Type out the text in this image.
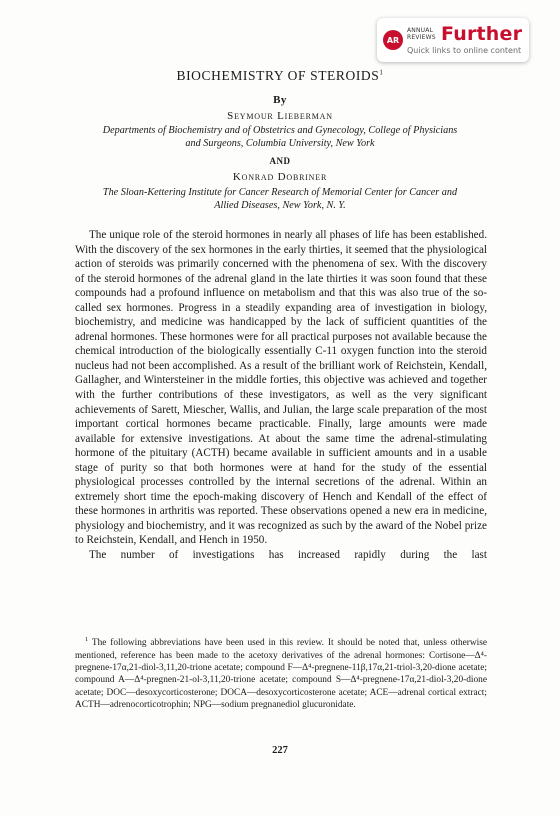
AR
ANNUAL REVIEWS Further
Quick links to online content
BIOCHEMISTRY OF STEROIDS$^1$
By
Seymour Lieberman
Departments of Biochemistry and of Obstetrics and Gynecology, College of Physicians and Surgeons, Columbia University, New York
AND
Konrad Dobriner
The Sloan-Kettering Institute for Cancer Research of Memorial Center for Cancer and Allied Diseases, New York, N. Y.

The unique role of the steroid hormones in nearly all phases of life has been established. With the discovery of the sex hormones in the early thirties, it seemed that the physiological action of steroids was primarily concerned with the phenomena of sex. With the discovery of the steroid hormones of the adrenal gland in the late thirties it was soon found that these compounds had a profound influence on metabolism and that this was also true of the so-called sex hormones. Progress in a steadily expanding area of investigation in biology, biochemistry, and medicine was handicapped by the lack of sufficient quantities of the adrenal hormones. These hormones were for all practical purposes not available because the chemical introduction of the biologically essentially C-11 oxygen function into the steroid nucleus had not been accomplished. As a result of the brilliant work of Reichstein, Kendall, Gallagher, and Wintersteiner in the middle forties, this objective was achieved and together with the further contributions of these investigators, as well as the very significant achievements of Sarett, Miescher, Wallis, and Julian, the large scale preparation of the most important cortical hormones became practicable. Finally, large amounts were made available for extensive investigations. At about the same time the adrenal-stimulating hormone of the pituitary (ACTH) became available in sufficient amounts and in a usable stage of purity so that both hormones were at hand for the study of the essential physiological processes controlled by the internal secretions of the adrenal. Within an extremely short time the epoch-making discovery of Hench and Kendall of the effect of these hormones in arthritis was reported. These observations opened a new era in medicine, physiology and biochemistry, and it was recognized as such by the award of the Nobel prize to Reichstein, Kendall, and Hench in 1950.

The number of investigations has increased rapidly during the last

$^1$ The following abbreviations have been used in this review. It should be noted that, unless otherwise mentioned, reference has been made to the acetoxy derivatives of the adrenal hormones: Cortisone—Δ⁴-pregnene-17α,21-diol-3,11,20-trione acetate; compound F—Δ⁴-pregnene-11β,17α,21-triol-3,20-dione acetate; compound A—Δ⁴-pregnen-21-ol-3,11,20-trione acetate; compound S—Δ⁴-pregnene-17α,21-diol-3,20-dione acetate; DOC—desoxycorticosterone; DOCA—desoxycorticosterone acetate; ACE—adrenal cortical extract; ACTH—adrenocorticotrophin; NPG—sodium pregnanediol glucuronidate.

227
